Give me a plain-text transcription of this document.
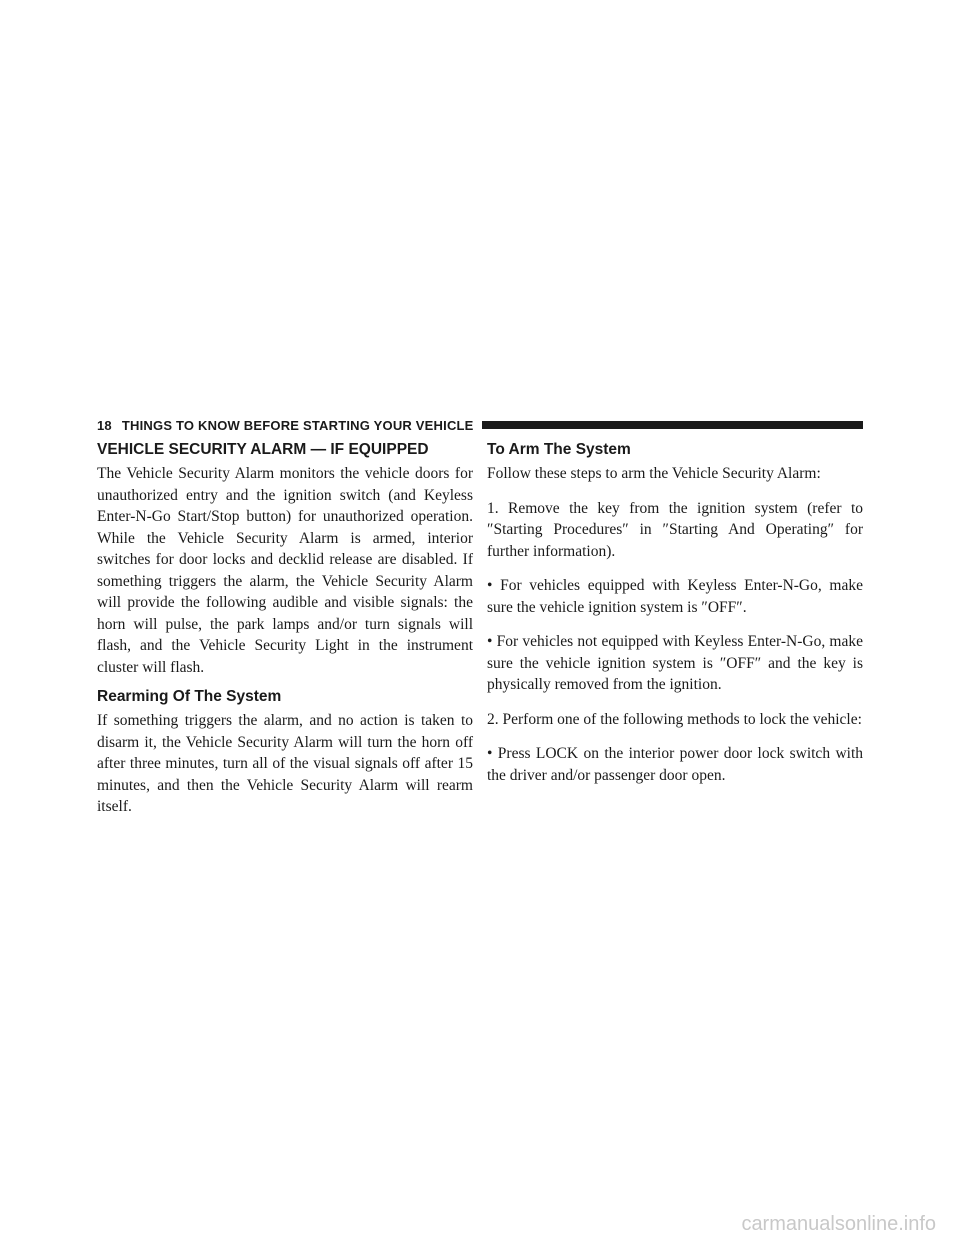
18 THINGS TO KNOW BEFORE STARTING YOUR VEHICLE
VEHICLE SECURITY ALARM — IF EQUIPPED

The Vehicle Security Alarm monitors the vehicle doors for unauthorized entry and the ignition switch (and Keyless Enter-N-Go Start/Stop button) for unauthorized operation. While the Vehicle Security Alarm is armed, interior switches for door locks and decklid release are disabled. If something triggers the alarm, the Vehicle Security Alarm will provide the following audible and visible signals: the horn will pulse, the park lamps and/or turn signals will flash, and the Vehicle Security Light in the instrument cluster will flash.

Rearming Of The System

If something triggers the alarm, and no action is taken to disarm it, the Vehicle Security Alarm will turn the horn off after three minutes, turn all of the visual signals off after 15 minutes, and then the Vehicle Security Alarm will rearm itself.

To Arm The System

Follow these steps to arm the Vehicle Security Alarm:

1. Remove the key from the ignition system (refer to ″Starting Procedures″ in ″Starting And Operating″ for further information).

• For vehicles equipped with Keyless Enter-N-Go, make sure the vehicle ignition system is ″OFF″.

• For vehicles not equipped with Keyless Enter-N-Go, make sure the vehicle ignition system is ″OFF″ and the key is physically removed from the ignition.

2. Perform one of the following methods to lock the vehicle:

• Press LOCK on the interior power door lock switch with the driver and/or passenger door open.

carmanualsonline.info
